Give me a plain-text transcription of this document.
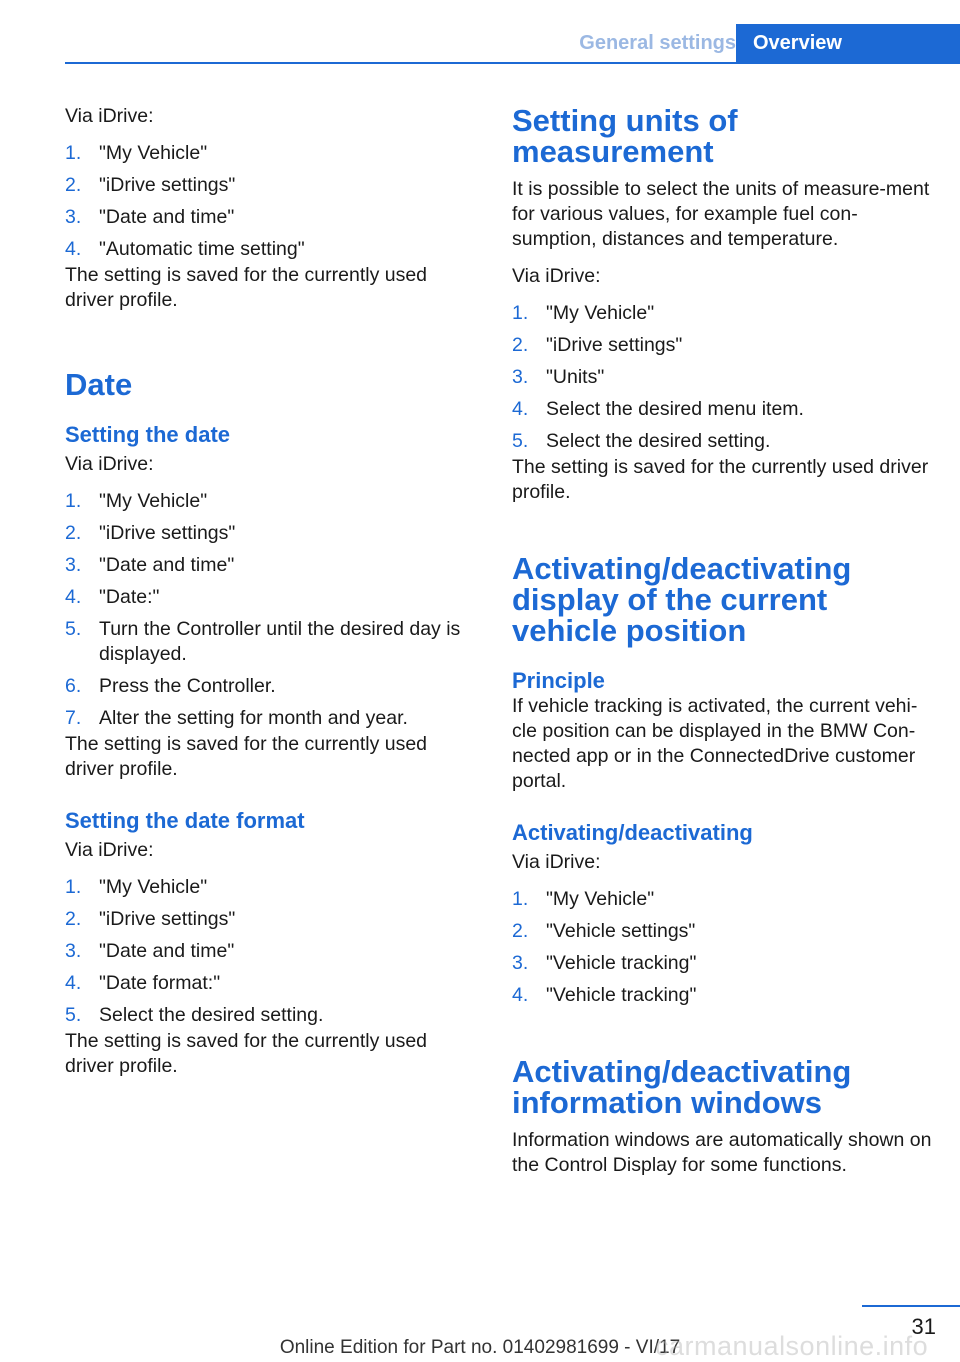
General settings Overview

Via iDrive:

1. "My Vehicle"
2. "iDrive settings"
3. "Date and time"
4. "Automatic time setting"

The setting is saved for the currently used driver profile.

Date
Setting the date

Via iDrive:

1. "My Vehicle"
2. "iDrive settings"
3. "Date and time"
4. "Date:"
5. Turn the Controller until the desired day is displayed.
6. Press the Controller.
7. Alter the setting for month and year.

The setting is saved for the currently used driver profile.

Setting the date format

Via iDrive:

1. "My Vehicle"
2. "iDrive settings"
3. "Date and time"
4. "Date format:"
5. Select the desired setting.

The setting is saved for the currently used driver profile.

Setting units of measurement

It is possible to select the units of measure‐ment for various values, for example fuel con‐sumption, distances and temperature.

Via iDrive:

1. "My Vehicle"
2. "iDrive settings"
3. "Units"
4. Select the desired menu item.
5. Select the desired setting.

The setting is saved for the currently used driver profile.

Activating/deactivating display of the current vehicle position
Principle

If vehicle tracking is activated, the current vehi‐cle position can be displayed in the BMW Con‐nected app or in the ConnectedDrive customer portal.

Activating/deactivating

Via iDrive:

1. "My Vehicle"
2. "Vehicle settings"
3. "Vehicle tracking"
4. "Vehicle tracking"
Activating/deactivating information windows

Information windows are automatically shown on the Control Display for some functions.

31
Online Edition for Part no. 01402981699 - VI/17
carmanualsonline.info
